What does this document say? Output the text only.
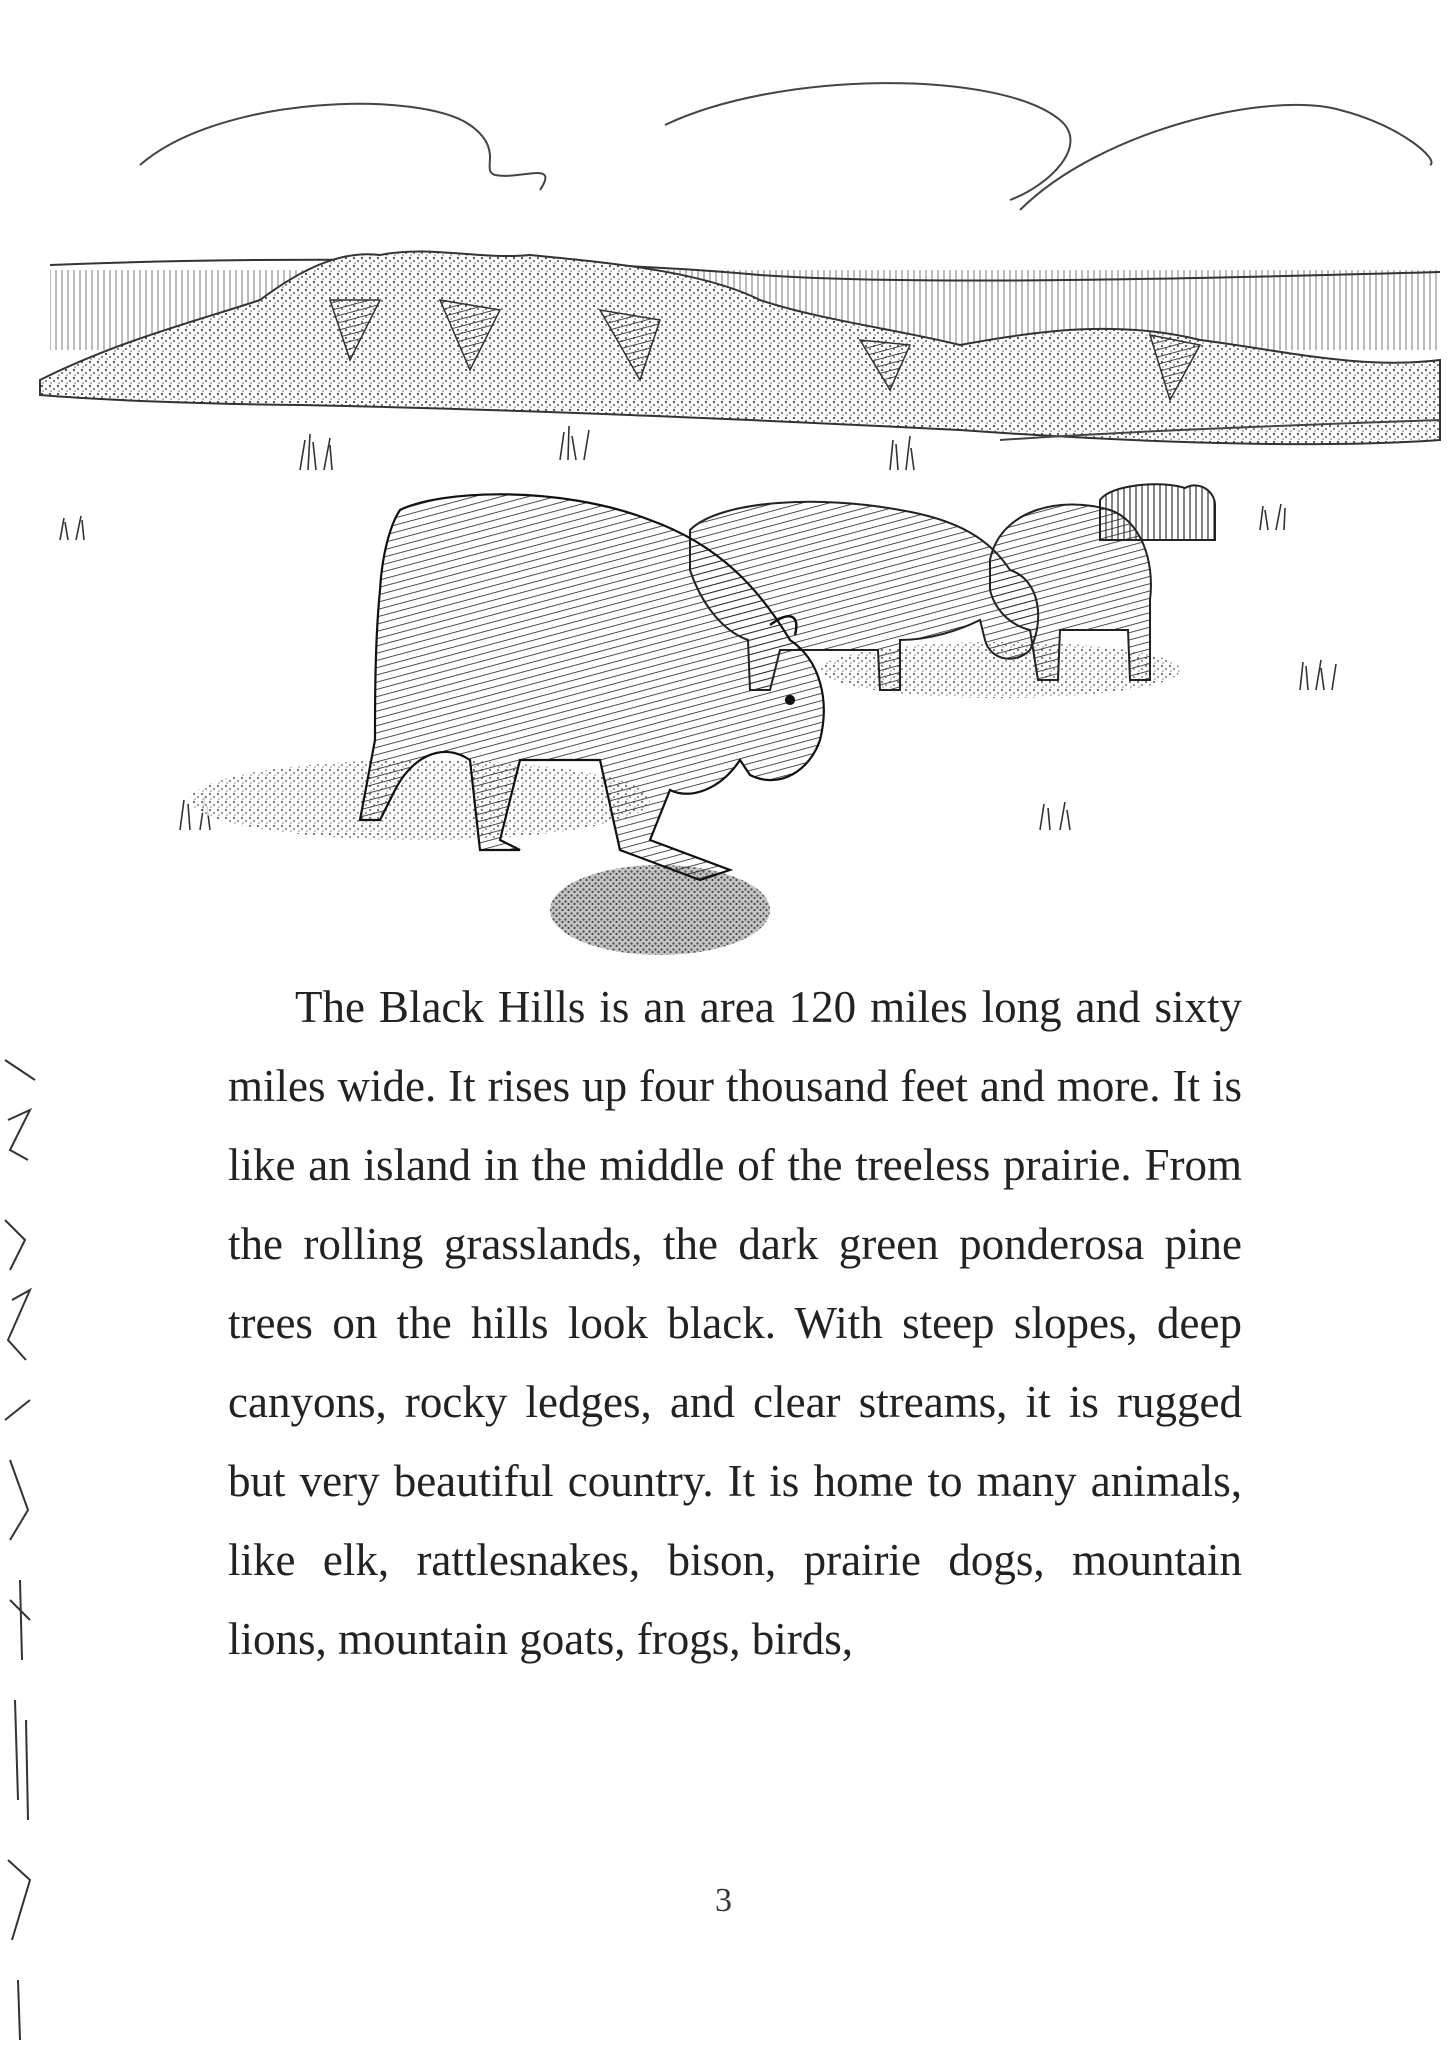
The Black Hills is an area 120 miles long and sixty miles wide. It rises up four thousand feet and more. It is like an island in the middle of the treeless prairie. From the rolling grasslands, the dark green ponderosa pine trees on the hills look black. With steep slopes, deep canyons, rocky ledges, and clear streams, it is rugged but very beautiful country. It is home to many animals, like elk, rattlesnakes, bison, prairie dogs, mountain lions, mountain goats, frogs, birds,

3
